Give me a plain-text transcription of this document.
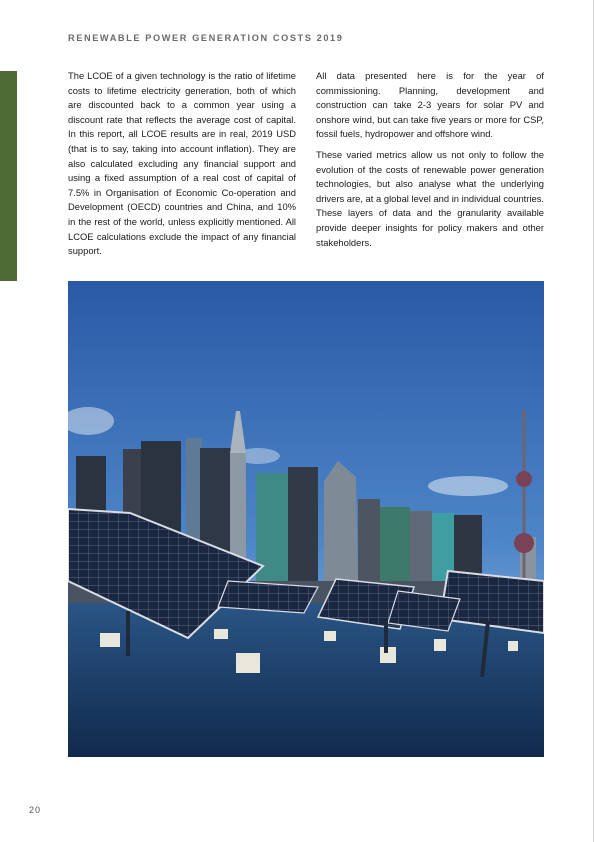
RENEWABLE POWER GENERATION COSTS 2019

The LCOE of a given technology is the ratio of lifetime costs to lifetime electricity generation, both of which are discounted back to a common year using a discount rate that reflects the average cost of capital. In this report, all LCOE results are in real, 2019 USD (that is to say, taking into account inflation). They are also calculated excluding any financial support and using a fixed assumption of a real cost of capital of 7.5% in Organisation of Economic Co-operation and Development (OECD) countries and China, and 10% in the rest of the world, unless explicitly mentioned. All LCOE calculations exclude the impact of any financial support.

All data presented here is for the year of commissioning. Planning, development and construction can take 2-3 years for solar PV and onshore wind, but can take five years or more for CSP, fossil fuels, hydropower and offshore wind.

These varied metrics allow us not only to follow the evolution of the costs of renewable power generation technologies, but also analyse what the underlying drivers are, at a global level and in individual countries. These layers of data and the granularity available provide deeper insights for policy makers and other stakeholders.

20
